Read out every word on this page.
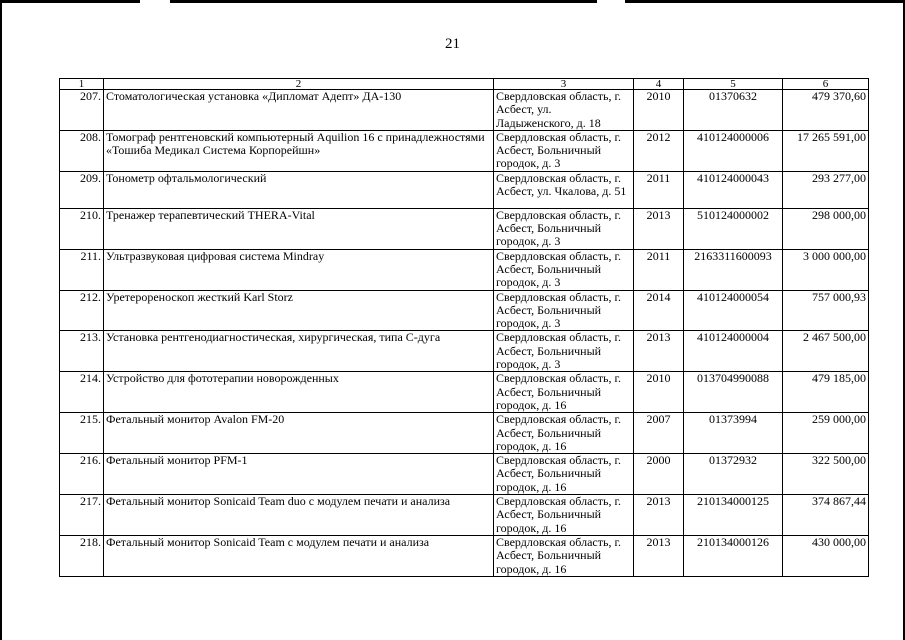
21
1	2	3	4	5	6
207.	Стоматологическая установка «Дипломат Адепт» ДА-130	Свердловская область, г. Асбест, ул. Ладыженского, д. 18	2010	01370632	479 370,60
208.	Томограф рентгеновский компьютерный Aquilion 16 с принадлежностями «Тошиба Медикал Система Корпорейшн»	Свердловская область, г. Асбест, Больничный городок, д. 3	2012	410124000006	17 265 591,00
209.	Тонометр офтальмологический	Свердловская область, г. Асбест, ул. Чкалова, д. 51	2011	410124000043	293 277,00
210.	Тренажер терапевтический THERA-Vital	Свердловская область, г. Асбест, Больничный городок, д. 3	2013	510124000002	298 000,00
211.	Ультразвуковая цифровая система Mindray	Свердловская область, г. Асбест, Больничный городок, д. 3	2011	2163311600093	3 000 000,00
212.	Уретерореноскоп жесткий Karl Storz	Свердловская область, г. Асбест, Больничный городок, д. 3	2014	410124000054	757 000,93
213.	Установка рентгенодиагностическая, хирургическая, типа С-дуга	Свердловская область, г. Асбест, Больничный городок, д. 3	2013	410124000004	2 467 500,00
214.	Устройство для фототерапии новорожденных	Свердловская область, г. Асбест, Больничный городок, д. 16	2010	013704990088	479 185,00
215.	Фетальный монитор Avalon FM-20	Свердловская область, г. Асбест, Больничный городок, д. 16	2007	01373994	259 000,00
216.	Фетальный монитор PFM-1	Свердловская область, г. Асбест, Больничный городок, д. 16	2000	01372932	322 500,00
217.	Фетальный монитор Sonicaid Team duo с модулем печати и анализа	Свердловская область, г. Асбест, Больничный городок, д. 16	2013	210134000125	374 867,44
218.	Фетальный монитор Sonicaid Team с модулем печати и анализа	Свердловская область, г. Асбест, Больничный городок, д. 16	2013	210134000126	430 000,00
